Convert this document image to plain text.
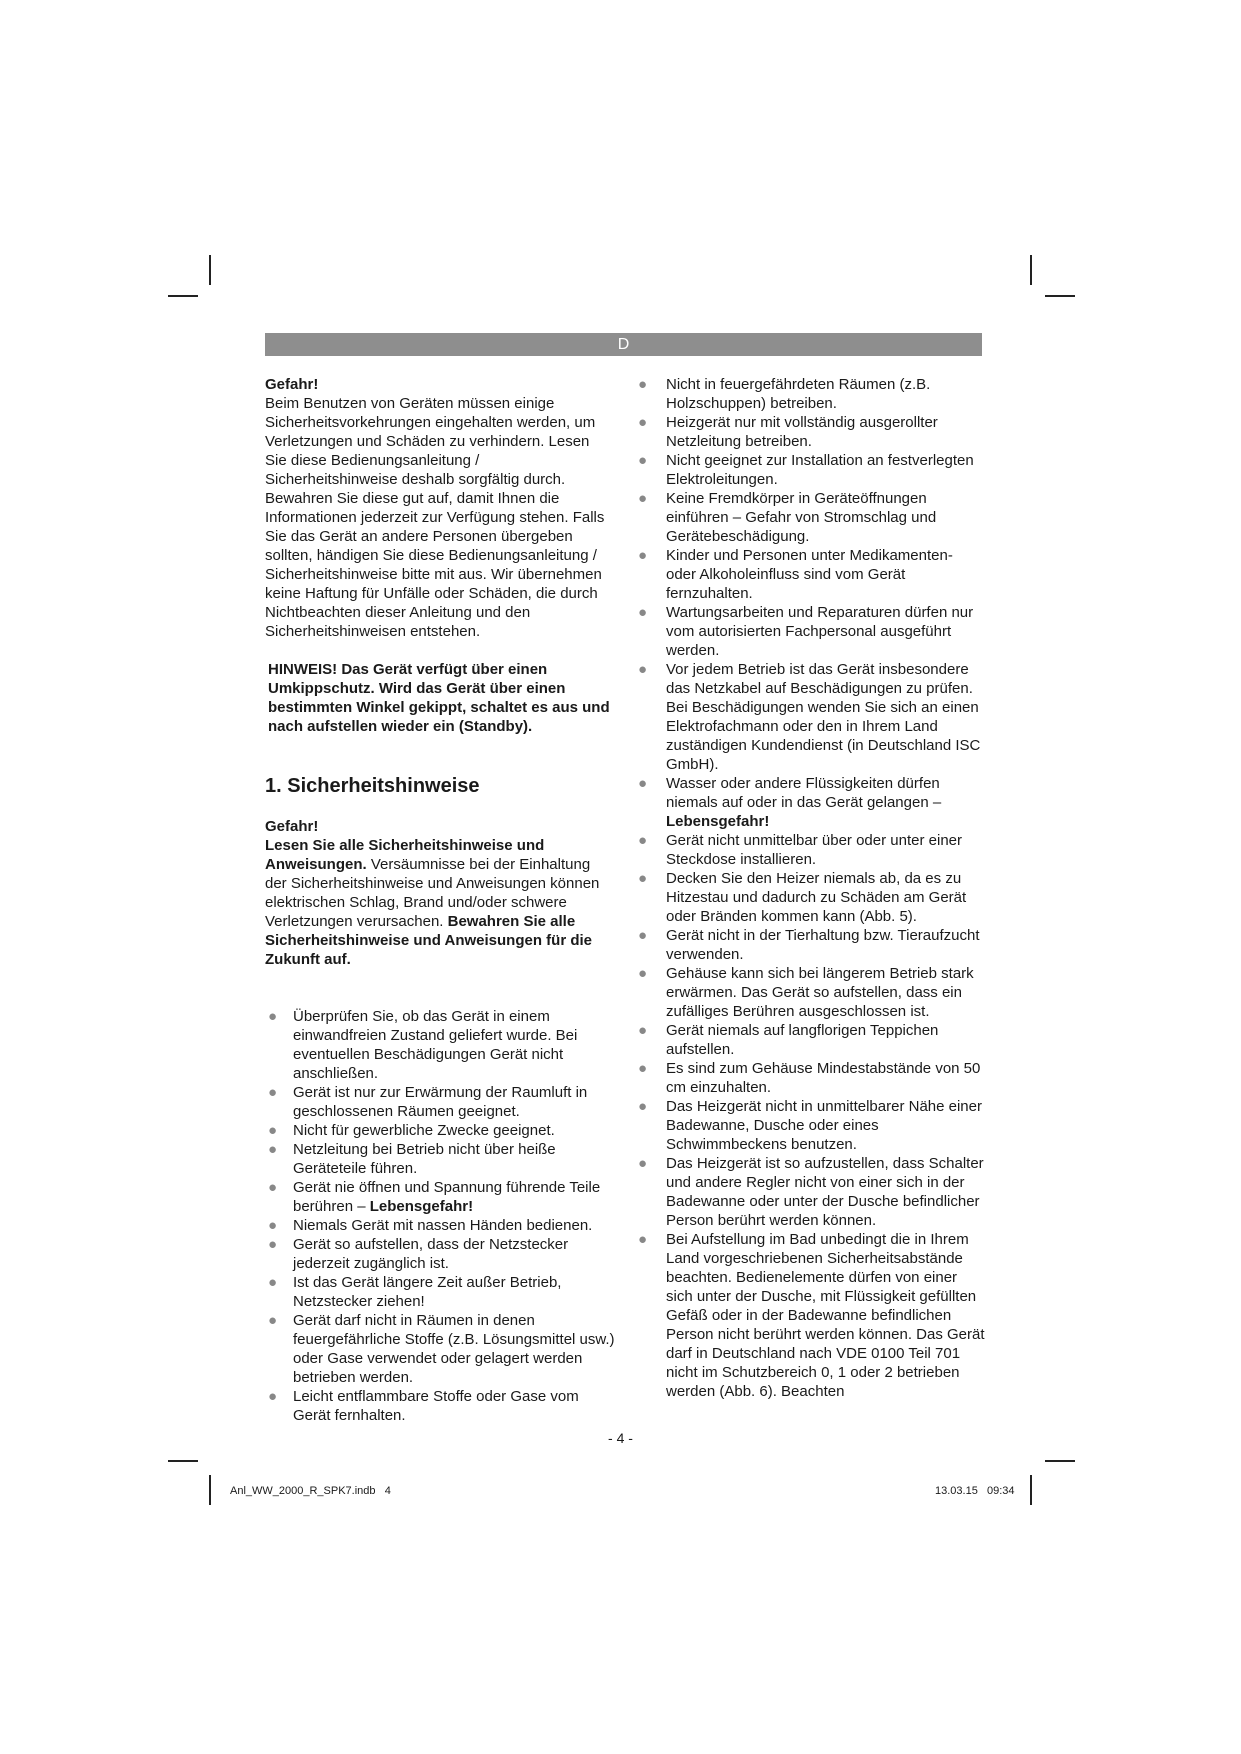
D

Gefahr!

Beim Benutzen von Geräten müssen einige Sicherheitsvorkehrungen eingehalten werden, um Verletzungen und Schäden zu verhindern. Lesen Sie diese Bedienungsanleitung / Sicherheitshinweise deshalb sorgfältig durch. Bewahren Sie diese gut auf, damit Ihnen die Informationen jederzeit zur Verfügung stehen. Falls Sie das Gerät an andere Personen übergeben sollten, händigen Sie diese Bedienungsanleitung / Sicherheitshinweise bitte mit aus. Wir übernehmen keine Haftung für Unfälle oder Schäden, die durch Nichtbeachten dieser Anleitung und den Sicherheitshinweisen entstehen.

HINWEIS! Das Gerät verfügt über einen Umkippschutz. Wird das Gerät über einen bestimmten Winkel gekippt, schaltet es aus und nach aufstellen wieder ein (Standby).

1. Sicherheitshinweise

Gefahr!

Lesen Sie alle Sicherheitshinweise und Anweisungen. Versäumnisse bei der Einhaltung der Sicherheitshinweise und Anweisungen können elektrischen Schlag, Brand und/oder schwere Verletzungen verursachen. Bewahren Sie alle Sicherheitshinweise und Anweisungen für die Zukunft auf.

● Überprüfen Sie, ob das Gerät in einem einwandfreien Zustand geliefert wurde. Bei eventuellen Beschädigungen Gerät nicht anschließen.
● Gerät ist nur zur Erwärmung der Raumluft in geschlossenen Räumen geeignet.
● Nicht für gewerbliche Zwecke geeignet.
● Netzleitung bei Betrieb nicht über heiße Geräteteile führen.
● Gerät nie öffnen und Spannung führende Teile berühren – Lebensgefahr!
● Niemals Gerät mit nassen Händen bedienen.
● Gerät so aufstellen, dass der Netzstecker jederzeit zugänglich ist.
● Ist das Gerät längere Zeit außer Betrieb, Netzstecker ziehen!
● Gerät darf nicht in Räumen in denen feuergefährliche Stoffe (z.B. Lösungsmittel usw.) oder Gase verwendet oder gelagert werden betrieben werden.
● Leicht entflammbare Stoffe oder Gase vom Gerät fernhalten.
● Nicht in feuergefährdeten Räumen (z.B. Holzschuppen) betreiben.
● Heizgerät nur mit vollständig ausgerollter Netzleitung betreiben.
● Nicht geeignet zur Installation an festverlegten Elektroleitungen.
● Keine Fremdkörper in Geräteöffnungen einführen – Gefahr von Stromschlag und Gerätebeschädigung.
● Kinder und Personen unter Medikamenten- oder Alkoholeinfluss sind vom Gerät fernzuhalten.
● Wartungsarbeiten und Reparaturen dürfen nur vom autorisierten Fachpersonal ausgeführt werden.
● Vor jedem Betrieb ist das Gerät insbesondere das Netzkabel auf Beschädigungen zu prüfen. Bei Beschädigungen wenden Sie sich an einen Elektrofachmann oder den in Ihrem Land zuständigen Kundendienst (in Deutschland ISC GmbH).
● Wasser oder andere Flüssigkeiten dürfen niemals auf oder in das Gerät gelangen – Lebensgefahr!
● Gerät nicht unmittelbar über oder unter einer Steckdose installieren.
● Decken Sie den Heizer niemals ab, da es zu Hitzestau und dadurch zu Schäden am Gerät oder Bränden kommen kann (Abb. 5).
● Gerät nicht in der Tierhaltung bzw. Tieraufzucht verwenden.
● Gehäuse kann sich bei längerem Betrieb stark erwärmen. Das Gerät so aufstellen, dass ein zufälliges Berühren ausgeschlossen ist.
● Gerät niemals auf langflorigen Teppichen aufstellen.
● Es sind zum Gehäuse Mindestabstände von 50 cm einzuhalten.
● Das Heizgerät nicht in unmittelbarer Nähe einer Badewanne, Dusche oder eines Schwimmbeckens benutzen.
● Das Heizgerät ist so aufzustellen, dass Schalter und andere Regler nicht von einer sich in der Badewanne oder unter der Dusche befindlicher Person berührt werden können.
● Bei Aufstellung im Bad unbedingt die in Ihrem Land vorgeschriebenen Sicherheitsabstände beachten. Bedienelemente dürfen von einer sich unter der Dusche, mit Flüssigkeit gefüllten Gefäß oder in der Badewanne befindlichen Person nicht berührt werden können. Das Gerät darf in Deutschland nach VDE 0100 Teil 701 nicht im Schutzbereich 0, 1 oder 2 betrieben werden (Abb. 6). Beachten
- 4 -
Anl_WW_2000_R_SPK7.indb   4	13.03.15   09:34
